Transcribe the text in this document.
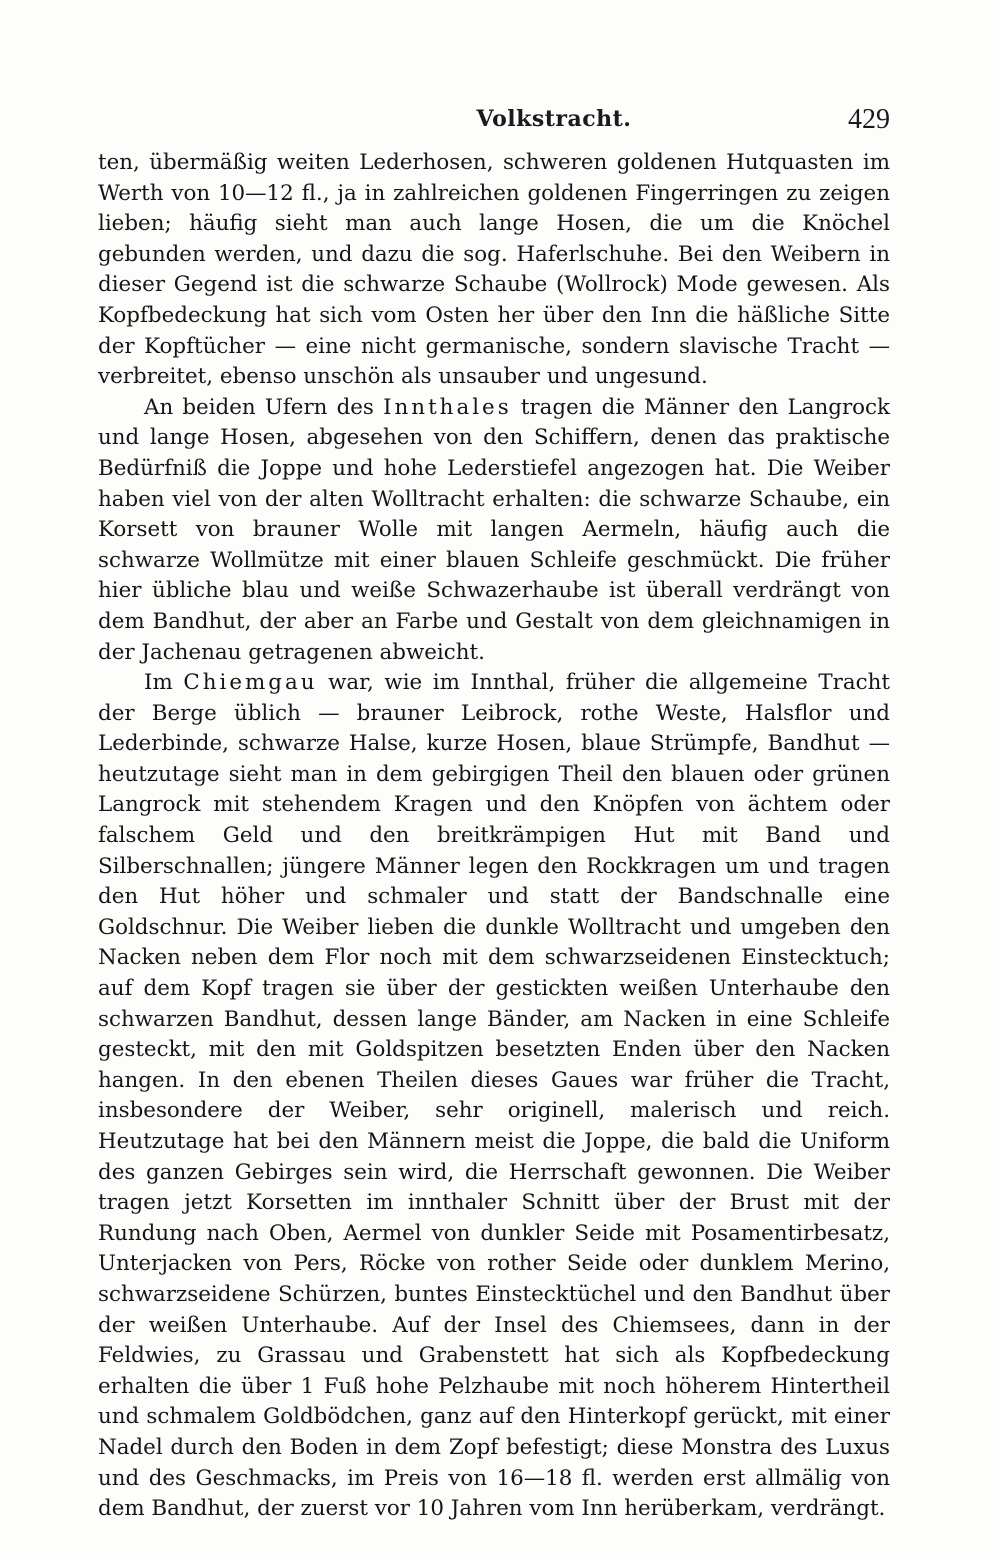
Volkstracht.	429

ten, übermäßig weiten Lederhosen, schweren goldenen Hutquasten im Werth von 10—12 fl., ja in zahlreichen goldenen Fingerringen zu zeigen lieben; häufig sieht man auch lange Hosen, die um die Knöchel gebunden werden, und dazu die sog. Haferlschuhe. Bei den Weibern in dieser Gegend ist die schwarze Schaube (Wollrock) Mode gewesen. Als Kopfbedeckung hat sich vom Osten her über den Inn die häßliche Sitte der Kopftücher — eine nicht germanische, sondern slavische Tracht — verbreitet, ebenso unschön als unsauber und ungesund.

An beiden Ufern des Innthales tragen die Männer den Langrock und lange Hosen, abgesehen von den Schiffern, denen das praktische Bedürfniß die Joppe und hohe Lederstiefel angezogen hat. Die Weiber haben viel von der alten Wolltracht erhalten: die schwarze Schaube, ein Korsett von brauner Wolle mit langen Aermeln, häufig auch die schwarze Wollmütze mit einer blauen Schleife geschmückt. Die früher hier übliche blau und weiße Schwazerhaube ist überall verdrängt von dem Bandhut, der aber an Farbe und Gestalt von dem gleichnamigen in der Jachenau getragenen abweicht.

Im Chiemgau war, wie im Innthal, früher die allgemeine Tracht der Berge üblich — brauner Leibrock, rothe Weste, Halsflor und Lederbinde, schwarze Halse, kurze Hosen, blaue Strümpfe, Bandhut — heutzutage sieht man in dem gebirgigen Theil den blauen oder grünen Langrock mit stehendem Kragen und den Knöpfen von ächtem oder falschem Geld und den breitkrämpigen Hut mit Band und Silberschnallen; jüngere Männer legen den Rockkragen um und tragen den Hut höher und schmaler und statt der Bandschnalle eine Goldschnur. Die Weiber lieben die dunkle Wolltracht und umgeben den Nacken neben dem Flor noch mit dem schwarzseidenen Einstecktuch; auf dem Kopf tragen sie über der gestickten weißen Unterhaube den schwarzen Bandhut, dessen lange Bänder, am Nacken in eine Schleife gesteckt, mit den mit Goldspitzen besetzten Enden über den Nacken hangen. In den ebenen Theilen dieses Gaues war früher die Tracht, insbesondere der Weiber, sehr originell, malerisch und reich. Heutzutage hat bei den Männern meist die Joppe, die bald die Uniform des ganzen Gebirges sein wird, die Herrschaft gewonnen. Die Weiber tragen jetzt Korsetten im innthaler Schnitt über der Brust mit der Rundung nach Oben, Aermel von dunkler Seide mit Posamentirbesatz, Unterjacken von Pers, Röcke von rother Seide oder dunklem Merino, schwarzseidene Schürzen, buntes Einstecktüchel und den Bandhut über der weißen Unterhaube. Auf der Insel des Chiemsees, dann in der Feldwies, zu Grassau und Grabenstett hat sich als Kopfbedeckung erhalten die über 1 Fuß hohe Pelzhaube mit noch höherem Hintertheil und schmalem Goldbödchen, ganz auf den Hinterkopf gerückt, mit einer Nadel durch den Boden in dem Zopf befestigt; diese Monstra des Luxus und des Geschmacks, im Preis von 16—18 fl. werden erst allmälig von dem Bandhut, der zuerst vor 10 Jahren vom Inn herüberkam, verdrängt.
